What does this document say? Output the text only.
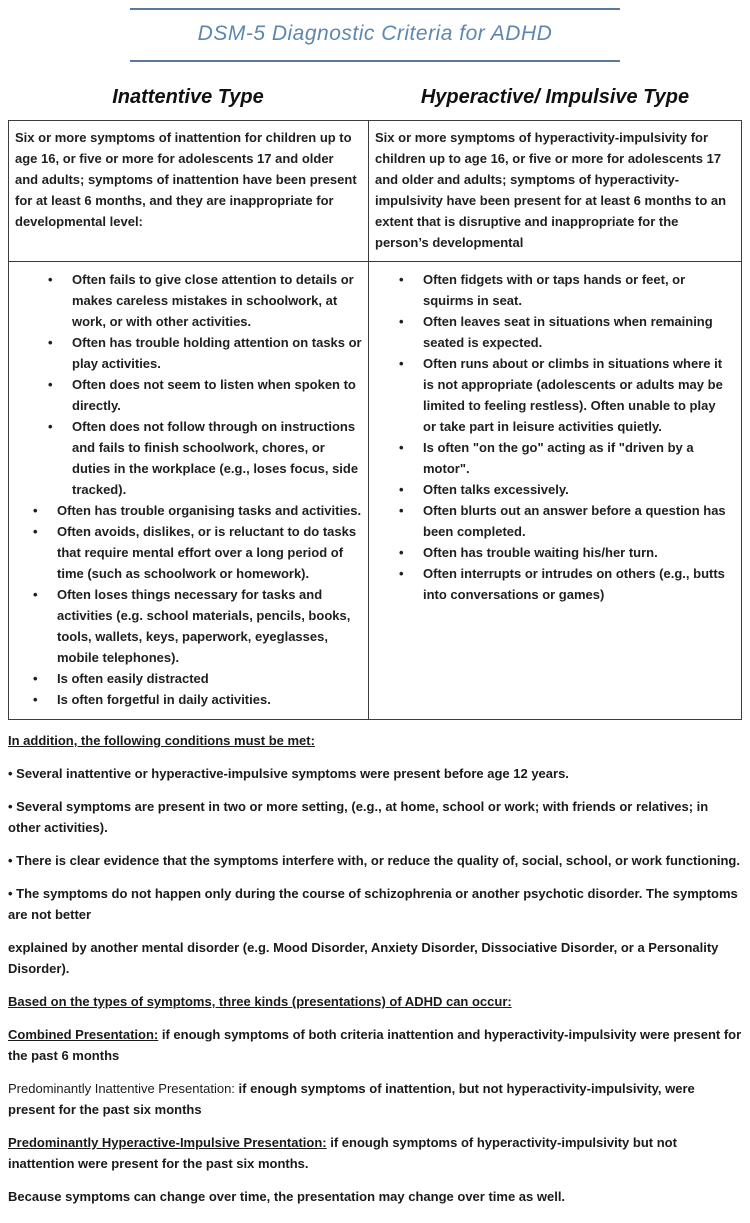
DSM-5 Diagnostic Criteria for ADHD
Inattentive Type	Hyperactive/ Impulsive Type
Six or more symptoms of inattention for children up to age 16, or five or more for adolescents 17 and older and adults; symptoms of inattention have been present for at least 6 months, and they are inappropriate for developmental level:
Six or more symptoms of hyperactivity-impulsivity for children up to age 16, or five or more for adolescents 17 and older and adults; symptoms of hyperactivity-impulsivity have been present for at least 6 months to an extent that is disruptive and inappropriate for the person’s developmental
• Often fails to give close attention to details or makes careless mistakes in schoolwork, at work, or with other activities.
• Often has trouble holding attention on tasks or play activities.
• Often does not seem to listen when spoken to directly.
• Often does not follow through on instructions and fails to finish schoolwork, chores, or duties in the workplace (e.g., loses focus, side tracked).
• Often has trouble organising tasks and activities.
• Often avoids, dislikes, or is reluctant to do tasks that require mental effort over a long period of time (such as schoolwork or homework).
• Often loses things necessary for tasks and activities (e.g. school materials, pencils, books, tools, wallets, keys, paperwork, eyeglasses, mobile telephones).
• Is often easily distracted
• Is often forgetful in daily activities.
• Often fidgets with or taps hands or feet, or squirms in seat.
• Often leaves seat in situations when remaining seated is expected.
• Often runs about or climbs in situations where it is not appropriate (adolescents or adults may be limited to feeling restless). Often unable to play or take part in leisure activities quietly.
• Is often "on the go" acting as if "driven by a motor".
• Often talks excessively.
• Often blurts out an answer before a question has been completed.
• Often has trouble waiting his/her turn.
• Often interrupts or intrudes on others (e.g., butts into conversations or games)

In addition, the following conditions must be met:

• Several inattentive or hyperactive-impulsive symptoms were present before age 12 years.

• Several symptoms are present in two or more setting, (e.g., at home, school or work; with friends or relatives; in other activities).

• There is clear evidence that the symptoms interfere with, or reduce the quality of, social, school, or work functioning.

• The symptoms do not happen only during the course of schizophrenia or another psychotic disorder. The symptoms are not better

explained by another mental disorder (e.g. Mood Disorder, Anxiety Disorder, Dissociative Disorder, or a Personality Disorder).

Based on the types of symptoms, three kinds (presentations) of ADHD can occur:

Combined Presentation: if enough symptoms of both criteria inattention and hyperactivity-impulsivity were present for the past 6 months

Predominantly Inattentive Presentation: if enough symptoms of inattention, but not hyperactivity-impulsivity, were present for the past six months

Predominantly Hyperactive-Impulsive Presentation: if enough symptoms of hyperactivity-impulsivity but not inattention were present for the past six months.

Because symptoms can change over time, the presentation may change over time as well.
